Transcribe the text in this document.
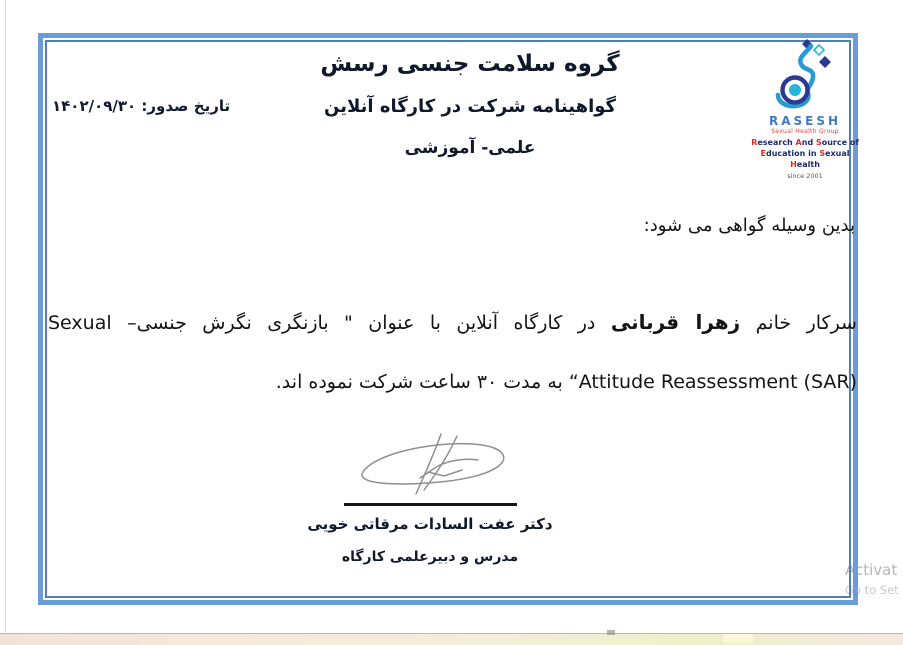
Activat
Go to Set
تاریخ صدور: ۱۴۰۲/۰۹/۳۰
گروه سلامت جنسی رسش
گواهینامه شرکت در کارگاه آنلاین
علمی- آموزشی
RASESH
Sexual Health Group
Research And Source of
Education in Sexual Health
since 2001
بدین وسیله گواهی می شود:
سرکار خانم زهرا قربانی در کارگاه آنلاین با عنوان " بازنگری نگرش جنسی– Sexual
Attitude Reassessment (SAR)“ به مدت ۳۰ ساعت شرکت نموده اند.
دکتر عفت السادات مرقاتی خویی
مدرس و دبیرعلمی کارگاه
